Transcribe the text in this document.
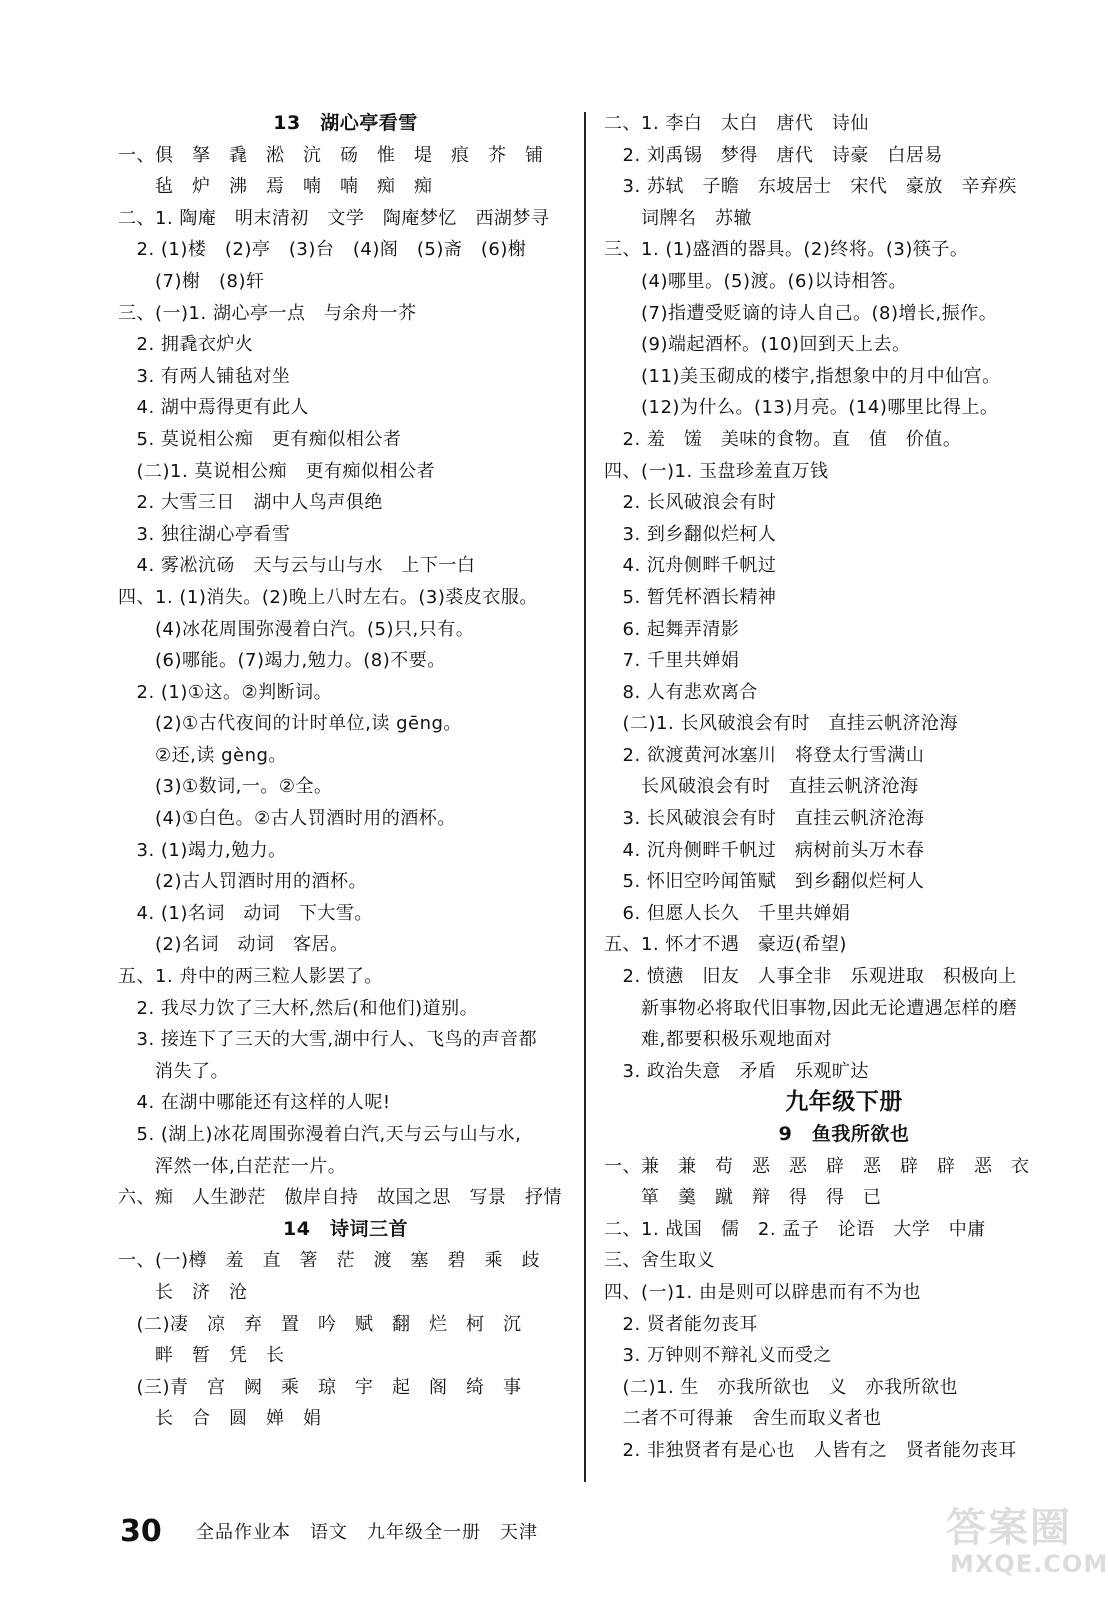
13　湖心亭看雪
一、俱　拏　毳　淞　沆　砀　惟　堤　痕　芥　铺
　　毡　炉　沸　焉　喃　喃　痴　痴
二、1. 陶庵　明末清初　文学　陶庵梦忆　西湖梦寻
　2. (1)楼　(2)亭　(3)台　(4)阁　(5)斋　(6)榭
　　(7)榭　(8)轩
三、(一)1. 湖心亭一点　与余舟一芥
　2. 拥毳衣炉火
　3. 有两人铺毡对坐
　4. 湖中焉得更有此人
　5. 莫说相公痴　更有痴似相公者
　(二)1. 莫说相公痴　更有痴似相公者
　2. 大雪三日　湖中人鸟声俱绝
　3. 独往湖心亭看雪
　4. 雾凇沆砀　天与云与山与水　上下一白
四、1. (1)消失。(2)晚上八时左右。(3)裘皮衣服。
　　(4)冰花周围弥漫着白汽。(5)只,只有。
　　(6)哪能。(7)竭力,勉力。(8)不要。
　2. (1)①这。②判断词。
　　(2)①古代夜间的计时单位,读 gēng。
　　②还,读 gèng。
　　(3)①数词,一。②全。
　　(4)①白色。②古人罚酒时用的酒杯。
　3. (1)竭力,勉力。
　　(2)古人罚酒时用的酒杯。
　4. (1)名词　动词　下大雪。
　　(2)名词　动词　客居。
五、1. 舟中的两三粒人影罢了。
　2. 我尽力饮了三大杯,然后(和他们)道别。
　3. 接连下了三天的大雪,湖中行人、飞鸟的声音都
　　消失了。
　4. 在湖中哪能还有这样的人呢!
　5. (湖上)冰花周围弥漫着白汽,天与云与山与水,
　　浑然一体,白茫茫一片。
六、痴　人生渺茫　傲岸自持　故国之思　写景　抒情
14　诗词三首
一、(一)樽　羞　直　箸　茫　渡　塞　碧　乘　歧
　　长　济　沧
　(二)凄　凉　弃　置　吟　赋　翻　烂　柯　沉
　　畔　暂　凭　长
　(三)青　宫　阙　乘　琼　宇　起　阁　绮　事
　　长　合　圆　婵　娟
二、1. 李白　太白　唐代　诗仙
　2. 刘禹锡　梦得　唐代　诗豪　白居易
　3. 苏轼　子瞻　东坡居士　宋代　豪放　辛弃疾
　　词牌名　苏辙
三、1. (1)盛酒的器具。(2)终将。(3)筷子。
　　(4)哪里。(5)渡。(6)以诗相答。
　　(7)指遭受贬谪的诗人自己。(8)增长,振作。
　　(9)端起酒杯。(10)回到天上去。
　　(11)美玉砌成的楼宇,指想象中的月中仙宫。
　　(12)为什么。(13)月亮。(14)哪里比得上。
　2. 羞　馐　美味的食物。直　值　价值。
四、(一)1. 玉盘珍羞直万钱
　2. 长风破浪会有时
　3. 到乡翻似烂柯人
　4. 沉舟侧畔千帆过
　5. 暂凭杯酒长精神
　6. 起舞弄清影
　7. 千里共婵娟
　8. 人有悲欢离合
　(二)1. 长风破浪会有时　直挂云帆济沧海
　2. 欲渡黄河冰塞川　将登太行雪满山
　　长风破浪会有时　直挂云帆济沧海
　3. 长风破浪会有时　直挂云帆济沧海
　4. 沉舟侧畔千帆过　病树前头万木春
　5. 怀旧空吟闻笛赋　到乡翻似烂柯人
　6. 但愿人长久　千里共婵娟
五、1. 怀才不遇　豪迈(希望)
　2. 愤懑　旧友　人事全非　乐观进取　积极向上
　　新事物必将取代旧事物,因此无论遭遇怎样的磨
　　难,都要积极乐观地面对
　3. 政治失意　矛盾　乐观旷达
九年级下册
9　鱼我所欲也
一、兼　兼　苟　恶　恶　辟　恶　辟　辟　恶　衣
　　箪　羹　蹴　辩　得　得　已
二、1. 战国　儒　2. 孟子　论语　大学　中庸
三、舍生取义
四、(一)1. 由是则可以辟患而有不为也
　2. 贤者能勿丧耳
　3. 万钟则不辩礼义而受之
　(二)1. 生　亦我所欲也　义　亦我所欲也
　二者不可得兼　舍生而取义者也
　2. 非独贤者有是心也　人皆有之　贤者能勿丧耳
30 全品作业本　语文　九年级全一册　天津	答案圈
MXQE.COM
